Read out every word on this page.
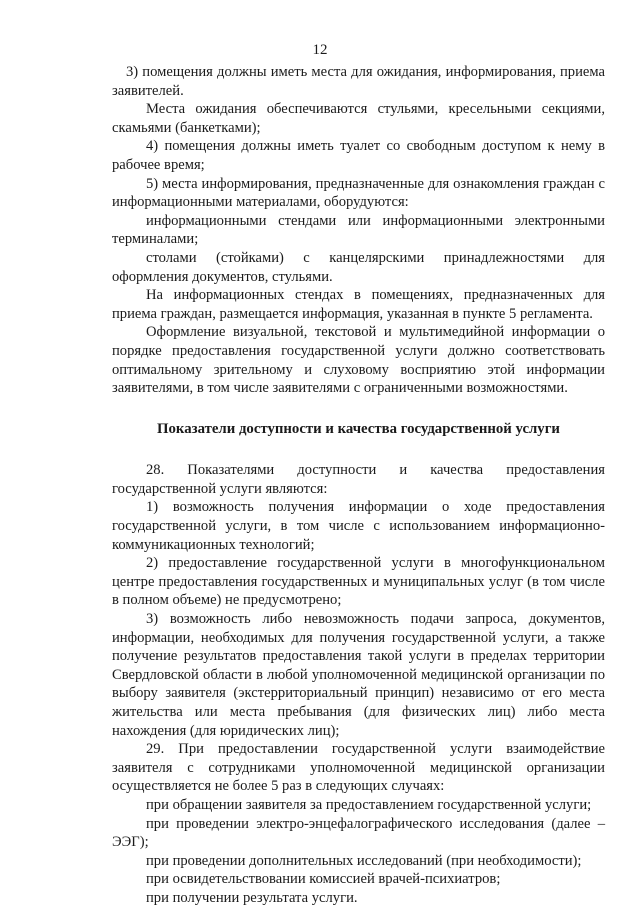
12

3) помещения должны иметь места для ожидания, информирования, приема заявителей.

Места ожидания обеспечиваются стульями, кресельными секциями, скамьями (банкетками);

4) помещения должны иметь туалет со свободным доступом к нему в рабочее время;

5) места информирования, предназначенные для ознакомления граждан с информационными материалами, оборудуются:

информационными стендами или информационными электронными терминалами;

столами (стойками) с канцелярскими принадлежностями для оформления документов, стульями.

На информационных стендах в помещениях, предназначенных для приема граждан, размещается информация, указанная в пункте 5 регламента.

Оформление визуальной, текстовой и мультимедийной информации о порядке предоставления государственной услуги должно соответствовать оптимальному зрительному и слуховому восприятию этой информации заявителями, в том числе заявителями с ограниченными возможностями.

Показатели доступности и качества государственной услуги

28. Показателями доступности и качества предоставления государственной услуги являются:

1) возможность получения информации о ходе предоставления государственной услуги, в том числе с использованием информационно-коммуникационных технологий;

2) предоставление государственной услуги в многофункциональном центре предоставления государственных и муниципальных услуг (в том числе в полном объеме) не предусмотрено;

3) возможность либо невозможность подачи запроса, документов, информации, необходимых для получения государственной услуги, а также получение результатов предоставления такой услуги в пределах территории Свердловской области в любой уполномоченной медицинской организации по выбору заявителя (экстерриториальный принцип) независимо от его места жительства или места пребывания (для физических лиц) либо места нахождения (для юридических лиц);

29. При предоставлении государственной услуги взаимодействие заявителя с сотрудниками уполномоченной медицинской организации осуществляется не более 5 раз в следующих случаях:

при обращении заявителя за предоставлением государственной услуги;

при проведении электро-энцефалографического исследования (далее – ЭЭГ);

при проведении дополнительных исследований (при необходимости);

при освидетельствовании комиссией врачей-психиатров;

при получении результата услуги.
